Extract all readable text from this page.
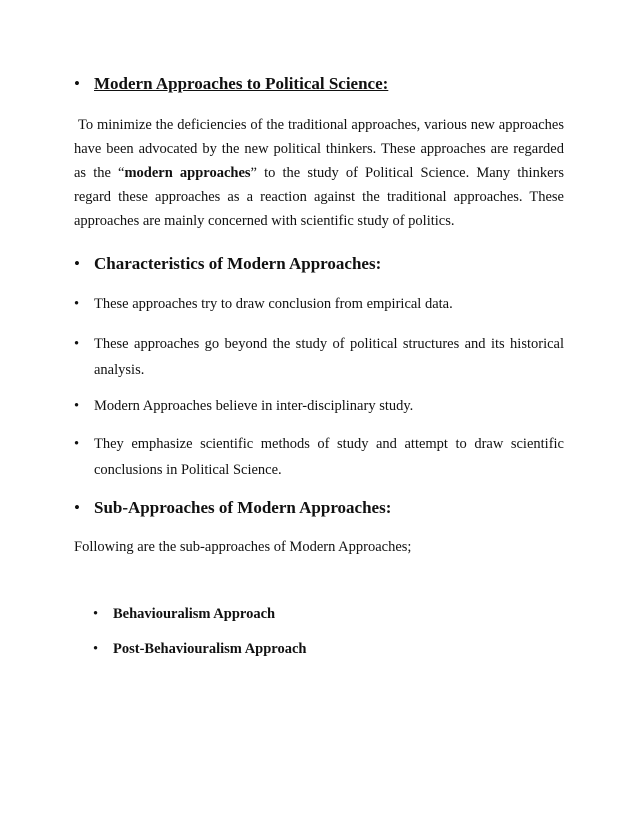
• Modern Approaches to Political Science:
To minimize the deficiencies of the traditional approaches, various new approaches have been advocated by the new political thinkers. These approaches are regarded as the “modern approaches” to the study of Political Science. Many thinkers regard these approaches as a reaction against the traditional approaches. These approaches are mainly concerned with scientific study of politics.
• Characteristics of Modern Approaches:
• These approaches try to draw conclusion from empirical data.
• These approaches go beyond the study of political structures and its historical analysis.
• Modern Approaches believe in inter-disciplinary study.
• They emphasize scientific methods of study and attempt to draw scientific conclusions in Political Science.
• Sub-Approaches of Modern Approaches:
Following are the sub-approaches of Modern Approaches;
• Behaviouralism Approach
• Post-Behaviouralism Approach
